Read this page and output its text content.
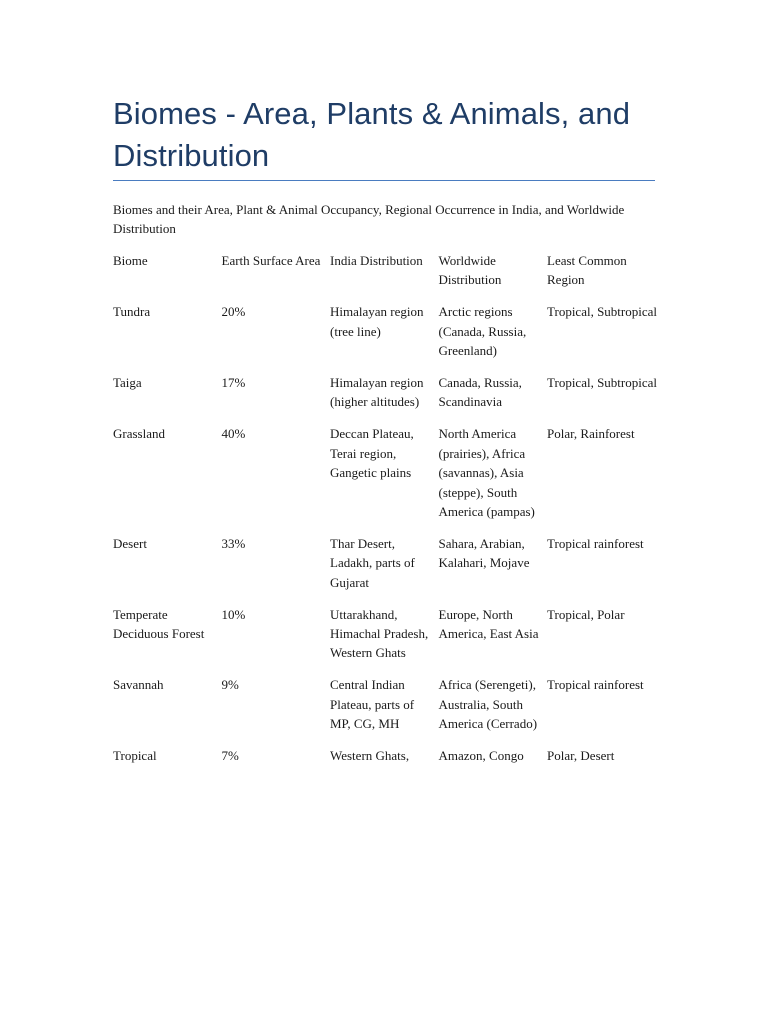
Biomes - Area, Plants & Animals, and Distribution

Biomes and their Area, Plant & Animal Occupancy, Regional Occurrence in India, and Worldwide Distribution

Biome	Earth Surface Area	India Distribution	Worldwide Distribution	Least Common Region
Tundra	20%	Himalayan region (tree line)	Arctic regions (Canada, Russia, Greenland)	Tropical, Subtropical
Taiga	17%	Himalayan region (higher altitudes)	Canada, Russia, Scandinavia	Tropical, Subtropical
Grassland	40%	Deccan Plateau, Terai region, Gangetic plains	North America (prairies), Africa (savannas), Asia (steppe), South America (pampas)	Polar, Rainforest
Desert	33%	Thar Desert, Ladakh, parts of Gujarat	Sahara, Arabian, Kalahari, Mojave	Tropical rainforest
Temperate Deciduous Forest	10%	Uttarakhand, Himachal Pradesh, Western Ghats	Europe, North America, East Asia	Tropical, Polar
Savannah	9%	Central Indian Plateau, parts of MP, CG, MH	Africa (Serengeti), Australia, South America (Cerrado)	Tropical rainforest
Tropical	7%	Western Ghats,	Amazon, Congo	Polar, Desert
